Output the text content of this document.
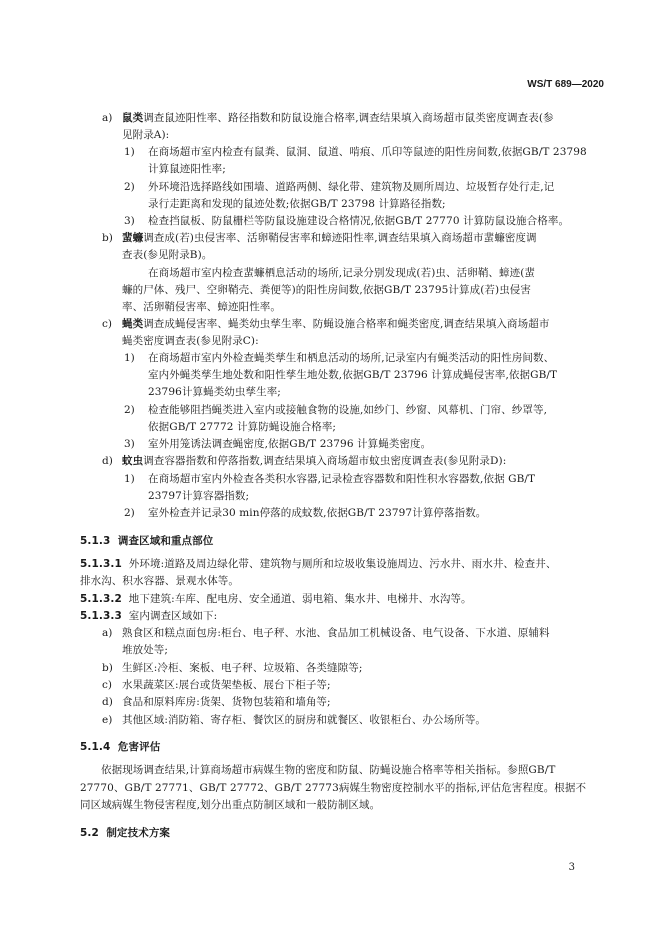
WS/T 689—2020
a) 鼠类调查鼠迹阳性率、路径指数和防鼠设施合格率,调查结果填入商场超市鼠类密度调查表(参
见附录A):
1) 在商场超市室内检查有鼠粪、鼠洞、鼠道、啃痕、爪印等鼠迹的阳性房间数,依据GB/T 23798
计算鼠迹阳性率;
2) 外环境沿选择路线如围墙、道路两侧、绿化带、建筑物及厕所周边、垃圾暂存处行走,记
录行走距离和发现的鼠迹处数;依据GB/T 23798 计算路径指数;
3) 检查挡鼠板、防鼠栅栏等防鼠设施建设合格情况,依据GB/T 27770 计算防鼠设施合格率。
b) 蜚蠊调查成(若)虫侵害率、活卵鞘侵害率和蟑迹阳性率,调查结果填入商场超市蜚蠊密度调
查表(参见附录B)。
在商场超市室内检查蜚蠊栖息活动的场所,记录分别发现成(若)虫、活卵鞘、蟑迹(蜚
蠊的尸体、残尸、空卵鞘壳、粪便等)的阳性房间数,依据GB/T 23795计算成(若)虫侵害
率、活卵鞘侵害率、蟑迹阳性率。
c) 蝇类调查成蝇侵害率、蝇类幼虫孳生率、防蝇设施合格率和蝇类密度,调查结果填入商场超市
蝇类密度调查表(参见附录C):
1) 在商场超市室内外检查蝇类孳生和栖息活动的场所,记录室内有蝇类活动的阳性房间数、
室内外蝇类孳生地处数和阳性孳生地处数,依据GB/T 23796 计算成蝇侵害率,依据GB/T
23796计算蝇类幼虫孳生率;
2) 检查能够阻挡蝇类进入室内或接触食物的设施,如纱门、纱窗、风幕机、门帘、纱罩等,
依据GB/T 27772 计算防蝇设施合格率;
3) 室外用笼诱法调查蝇密度,依据GB/T 23796 计算蝇类密度。
d) 蚊虫调查容器指数和停落指数,调查结果填入商场超市蚊虫密度调查表(参见附录D):
1) 在商场超市室内外检查各类积水容器,记录检查容器数和阳性积水容器数,依据 GB/T
23797计算容器指数;
2) 室外检查并记录30 min停落的成蚊数,依据GB/T 23797计算停落指数。
5.1.3 调查区域和重点部位
5.1.3.1 外环境:道路及周边绿化带、建筑物与厕所和垃圾收集设施周边、污水井、雨水井、检查井、
排水沟、积水容器、景观水体等。
5.1.3.2 地下建筑:车库、配电房、安全通道、弱电箱、集水井、电梯井、水沟等。
5.1.3.3 室内调查区域如下:
a) 熟食区和糕点面包房:柜台、电子秤、水池、食品加工机械设备、电气设备、下水道、原辅料
堆放处等;
b) 生鲜区:冷柜、案板、电子秤、垃圾箱、各类缝隙等;
c) 水果蔬菜区:展台或货架垫板、展台下柜子等;
d) 食品和原料库房:货架、货物包装箱和墙角等;
e) 其他区域:消防箱、寄存柜、餐饮区的厨房和就餐区、收银柜台、办公场所等。
5.1.4 危害评估
依据现场调查结果,计算商场超市病媒生物的密度和防鼠、防蝇设施合格率等相关指标。参照GB/T
27770、GB/T 27771、GB/T 27772、GB/T 27773病媒生物密度控制水平的指标,评估危害程度。根据不
同区域病媒生物侵害程度,划分出重点防制区域和一般防制区域。
5.2 制定技术方案
3
